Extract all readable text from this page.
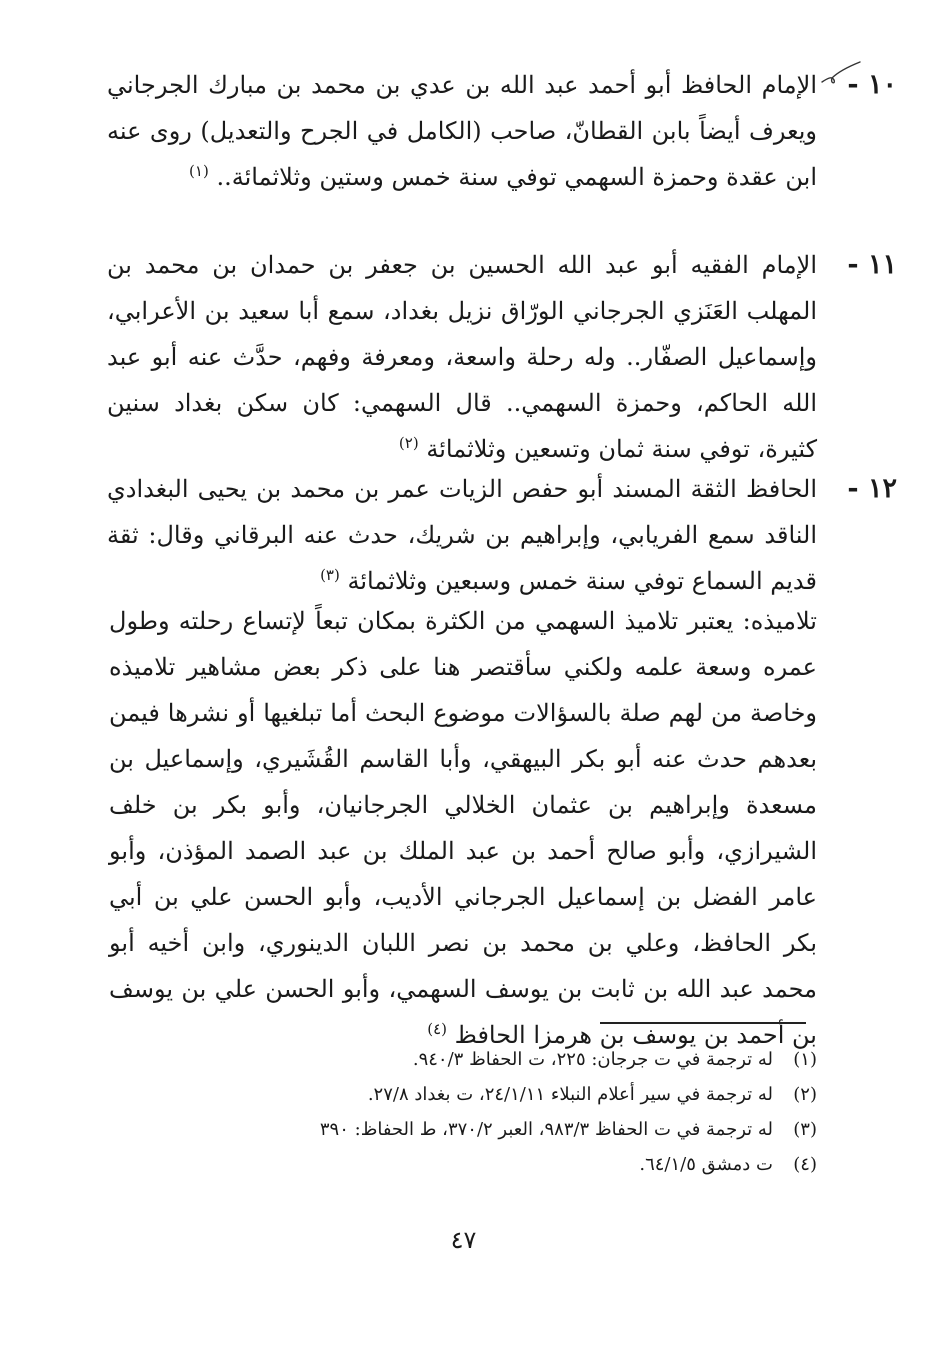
١٠ -
الإمام الحافظ أبو أحمد عبد الله بن عدي بن محمد بن مبارك الجرجاني ويعرف أيضاً بابن القطانّ، صاحب (الكامل في الجرح والتعديل) روى عنه ابن عقدة وحمزة السهمي توفي سنة خمس وستين وثلاثمائة.. $^{(١)}$
١١ -
الإمام الفقيه أبو عبد الله الحسين بن جعفر بن حمدان بن محمد بن المهلب العَنَزي الجرجاني الورّاق نزيل بغداد، سمع أبا سعيد بن الأعرابي، وإسماعيل الصفّار.. وله رحلة واسعة، ومعرفة وفهم، حدَّث عنه أبو عبد الله الحاكم، وحمزة السهمي.. قال السهمي: كان سكن بغداد سنين كثيرة، توفي سنة ثمان وتسعين وثلاثمائة $^{(٢)}$
١٢ -
الحافظ الثقة المسند أبو حفص الزيات عمر بن محمد بن يحيى البغدادي الناقد سمع الفريابي، وإبراهيم بن شريك، حدث عنه البرقاني وقال: ثقة قديم السماع توفي سنة خمس وسبعين وثلاثمائة $^{(٣)}$
تلاميذه: يعتبر تلاميذ السهمي من الكثرة بمكان تبعاً لإتساع رحلته وطول عمره وسعة علمه ولكني سأقتصر هنا على ذكر بعض مشاهير تلاميذه وخاصة من لهم صلة بالسؤالات موضوع البحث أما تبلغيها أو نشرها فيمن بعدهم حدث عنه أبو بكر البيهقي، وأبا القاسم القُشَيري، وإسماعيل بن مسعدة وإبراهيم بن عثمان الخلالي الجرجانيان، وأبو بكر بن خلف الشيرازي، وأبو صالح أحمد بن عبد الملك بن عبد الصمد المؤذن، وأبو عامر الفضل بن إسماعيل الجرجاني الأديب، وأبو الحسن علي بن أبي بكر الحافظ، وعلي بن محمد بن نصر اللبان الدينوري، وابن أخيه أبو محمد عبد الله بن ثابت بن يوسف السهمي، وأبو الحسن علي بن يوسف بن أحمد بن يوسف بن هرمزا الحافظ $^{(٤)}$
(١)
له ترجمة في ت جرجان: ٢٢٥، ت الحفاظ ٩٤٠/٣.
(٢)
له ترجمة في سير أعلام النبلاء ٢٤/١/١١، ت بغداد ٢٧/٨.
(٣)
له ترجمة في ت الحفاظ ٩٨٣/٣، العبر ٣٧٠/٢، ط الحفاظ: ٣٩٠
(٤)
ت دمشق ٦٤/١/٥.
٤٧
